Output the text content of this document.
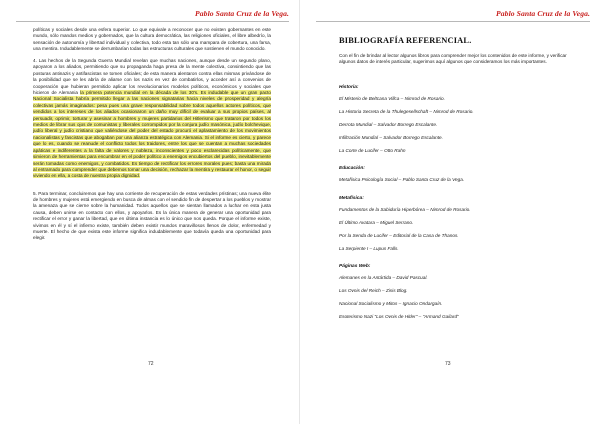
Pablo Santa Cruz de la Vega.

políticas y sociales desde una esfera superior. Lo que equivale a reconocer que no existen gobernantes en este mundo, sólo mandos medios y gobernados, que la cultura democrática, las religiones oficiales, el libre albedrío, la sensación de autonomía y libertad individual y colectiva, todo esta tan sólo una mampara de cobertura, una farsa, una mentira. Indudablemente se derrumbarían todas las estructuras culturales que sostienen el mundo conocido.

4. Las hechos de la Segunda Guerra Mundial revelan que muchas naciones, aunque desde un segundo plano, apoyaron a los aliados, permitiendo que su propaganda haga presa de la mente colectiva, consintiendo que las posturas antinazis y antifascistas se tomen oficiales; de esta manera alentaron contra ellas mismas privándose de la posibilidad que se les abría de aliarse con los nazis en vez de combatirlos, y acceder así a convenios de cooperación que hubieran permitido aplicar los revolucionarios modelos políticos, económicos y sociales que hicieron de Alemania la primera potencia mundial en la década de los 30's. Es indudable que un gran pacto Nacional Socialista habría permitido llegar a las naciones signatarias hacia niveles de prosperidad y alegría colectivas jamás imaginados: pesa pues una grave responsabilidad sobre todos aquellos actores políticos, que vendidos a los intereses de los aliados ocasionaron un daño muy difícil de evaluar a sus propios países, al persuadir, oprimir, torturar y asesinar a hombres y mujeres partidarios del Hitlerismo que trataron por todos los medios de librar sus ojos de comunistas y liberales corrompidos por la conjura judío masónica, judío bolchevique, judío liberal y judío cristiano que valiéndose del poder del estado procuró el aplastamiento de los movimientos nacionalistas y fascistas que abogaban por una alianza estratégica con Alemania. Si el informe es cierto, y parece que lo es, cuando se reanude el conflicto todos los traidores, entre los que se cuentan a muchas sociedades apáticas e indiferentes a la falta de valores y nobleza, inconscientes y poco esclarecidas políticamente, que sirvieron de herramientas para encumbrar en el poder político a enemigos encubiertos del pueblo, inevitablemente serán tomadas como enemigos, y combatidos. Es tiempo de rectificar los errores morales pues; basta una mirada al entramado para comprender que debemos tomar una decisión, rechazar la mentira y restaurar el honor, o seguir viviendo en ella, a costa de nuestra propia dignidad.

5. Para terminar, concluiremos que hay una corriente de recuperación de estas verdades prístinas; una nueva élite de hombres y mujeres está emergiendo en busca de almas con el sendido fin de despertar a los pueblos y mostrar la amenaza que se cierne sobre la humanidad. Todos aquellos que se sientan llamados a luchar en esta justa causa, deben unirse en contacto con ellos, y apoyarlos. Es la única manera de generar una oportunidad para rectificar el error y ganar la libertad, que en última instancia es lo único que nos queda. Porque el informe existe, vivimos en él y sí el infierno existe, también deben existir mundos maravillosos llenos de dolor, enfermedad y muerte. El hecho de que exista este informe significa indudablemente que todavía queda una oportunidad para elegir.

72
Pablo Santa Cruz de la Vega.
BIBLIOGRAFÍA REFERENCIAL.
Con el fin de brindar al lector algunos libros para comprender mejor los contenidos de este informe, y verificar algunos datos de interés particular, sugerimos aquí algunos que consideramos los más importantes.
Historia:
El Misterio de Beltcana Villca – Nimrod de Rosario.
La Historia Secreta de la Thulegesellschaft – Nimrod de Rosario.
Derrota Mundial – Salvador Borrego Escalante.
Infiltración Mundial – Salvador Borrego Escalante.
La Corte de Lucifer – Otto Rahn
Educación:
Metafísica Psicología Social – Pablo Santa Cruz de la Vega.
Metafísica:
Fundamentos de la Sabiduría Hiperbórea – Nimrod de Rosario.
El Último Avatara – Miguel Serrano.
Por la Senda de Lucifer – Editorial de la Casa de Thanos.
La Serpiente I – Lupus Falls.
Páginas Web:
Alemanes en la Antártida – David Pascual.
Los Ovnis del Reich – Zisis Blog.
Nacional Socialismo y Mitos – Ignacio Ondargaín.
Esoterismo Nazi "Los Ovnis de Hitler" – "Armand Gailard"
73
